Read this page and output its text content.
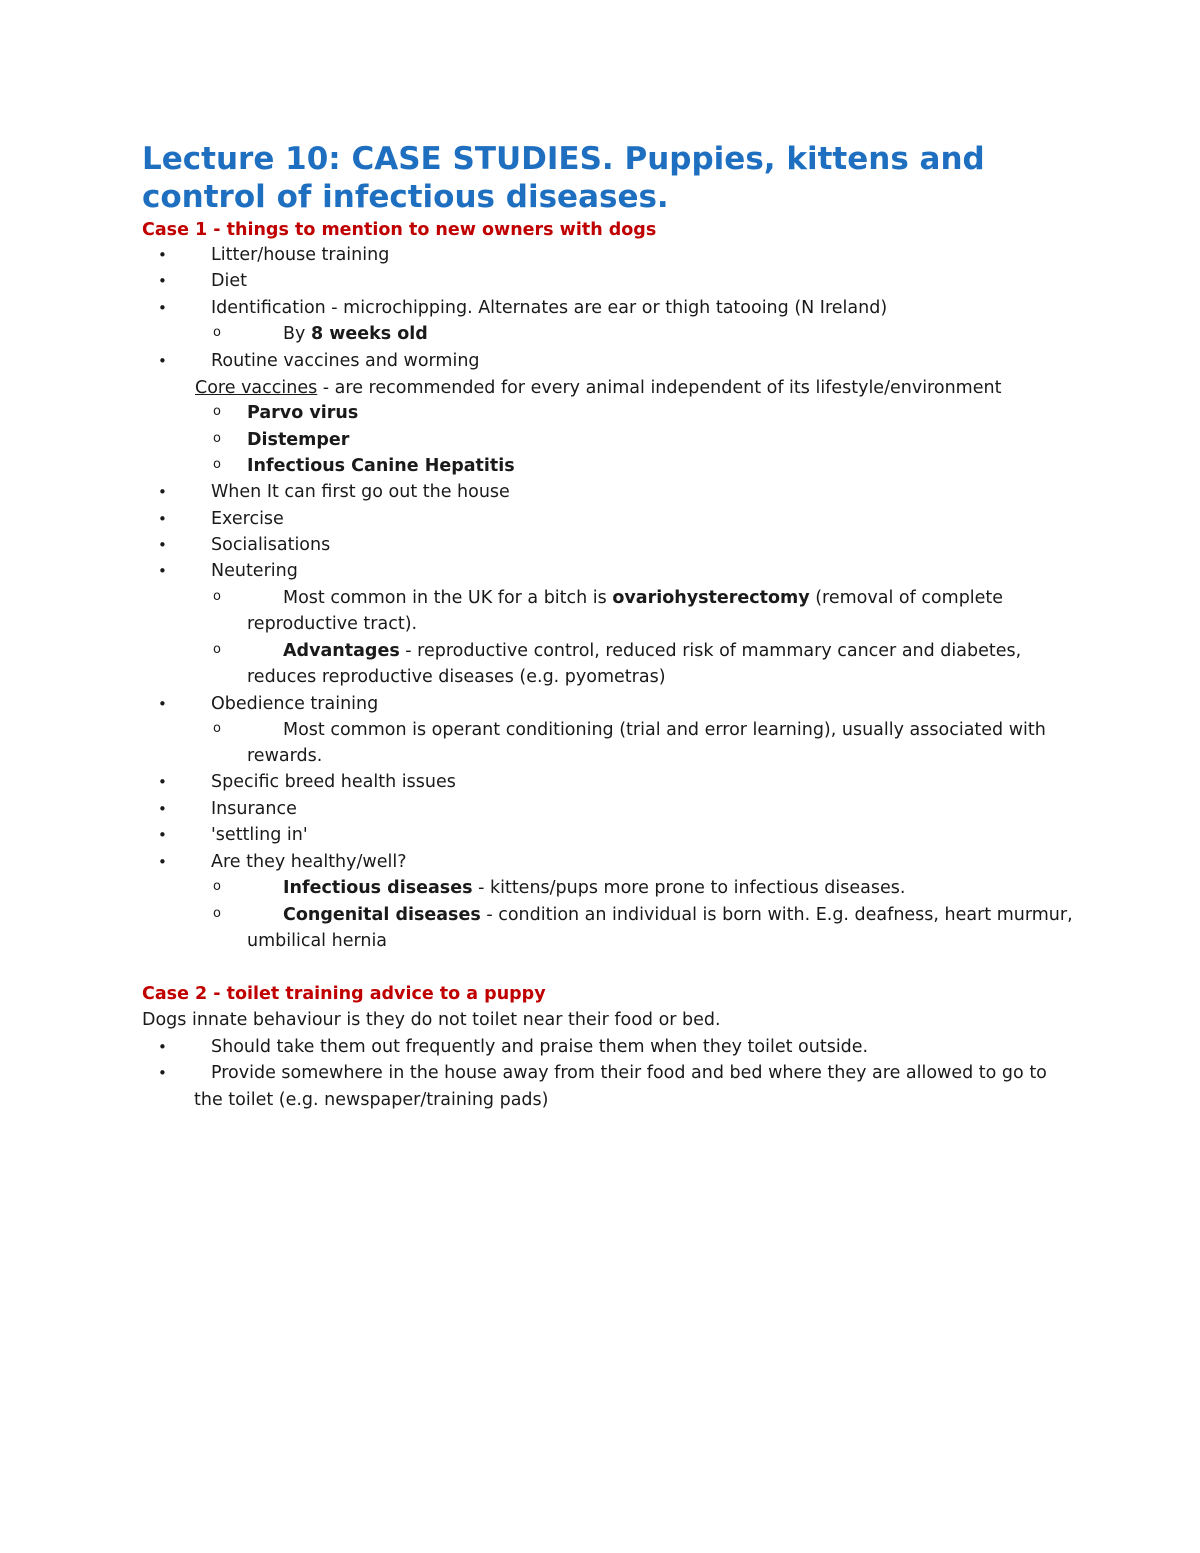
Lecture 10: CASE STUDIES. Puppies, kittens and control of infectious diseases.
Case 1 - things to mention to new owners with dogs
•	Litter/house training
•	Diet
•	Identification - microchipping. Alternates are ear or thigh tatooing (N Ireland)
o	By 8 weeks old
•	Routine vaccines and worming
Core vaccines - are recommended for every animal independent of its lifestyle/environment
o Parvo virus
o Distemper
o Infectious Canine Hepatitis
•	When It can first go out the house
•	Exercise
•	Socialisations
•	Neutering
o	Most common in the UK for a bitch is ovariohysterectomy (removal of complete
reproductive tract).
o	Advantages - reproductive control, reduced risk of mammary cancer and diabetes,
reduces reproductive diseases (e.g. pyometras)
•	Obedience training
o	Most common is operant conditioning (trial and error learning), usually associated with
rewards.
•	Specific breed health issues
•	Insurance
•	'settling in'
•	Are they healthy/well?
o	Infectious diseases - kittens/pups more prone to infectious diseases.
o	Congenital diseases - condition an individual is born with. E.g. deafness, heart murmur,
umbilical hernia
Case 2 - toilet training advice to a puppy
Dogs innate behaviour is they do not toilet near their food or bed.
•	Should take them out frequently and praise them when they toilet outside.
•	Provide somewhere in the house away from their food and bed where they are allowed to go to
the toilet (e.g. newspaper/training pads)
